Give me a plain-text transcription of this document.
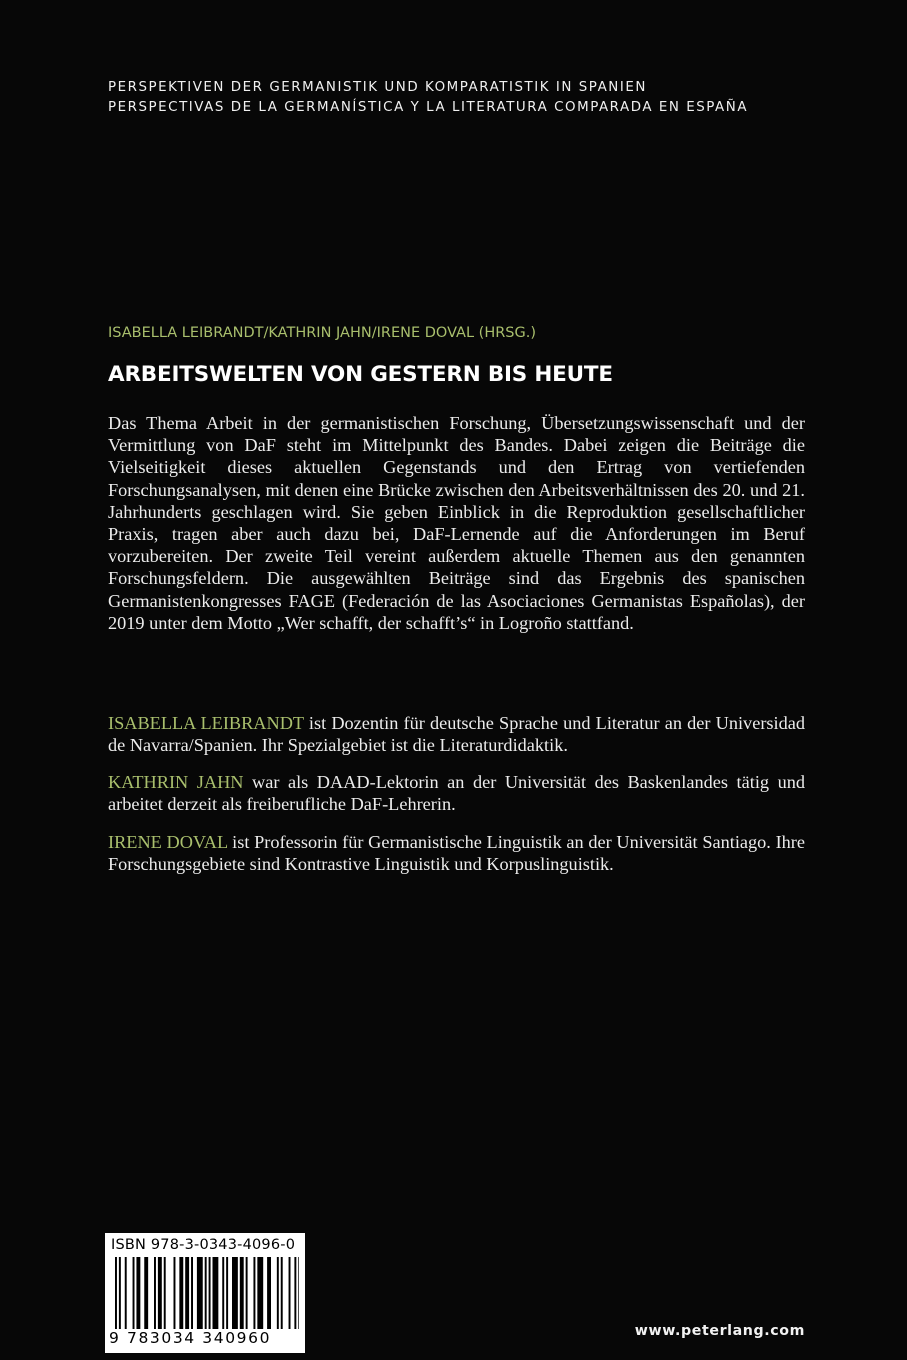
PERSPEKTIVEN DER GERMANISTIK UND KOMPARATISTIK IN SPANIEN
PERSPECTIVAS DE LA GERMANÍSTICA Y LA LITERATURA COMPARADA EN ESPAÑA
ISABELLA LEIBRANDT/KATHRIN JAHN/IRENE DOVAL (HRSG.)
ARBEITSWELTEN VON GESTERN BIS HEUTE

Das Thema Arbeit in der germanistischen Forschung, Übersetzungswissenschaft und der Vermittlung von DaF steht im Mittelpunkt des Bandes. Dabei zeigen die Beiträge die Vielseitigkeit dieses aktuellen Gegenstands und den Ertrag von vertiefenden Forschungsanalysen, mit denen eine Brücke zwischen den Arbeitsverhältnissen des 20. und 21. Jahrhunderts geschlagen wird. Sie geben Einblick in die Reproduktion gesellschaftlicher Praxis, tragen aber auch dazu bei, DaF-Lernende auf die Anforderungen im Beruf vorzubereiten. Der zweite Teil vereint außerdem aktuelle Themen aus den genannten Forschungsfeldern. Die ausgewählten Beiträge sind das Ergebnis des spanischen Germanistenkongresses FAGE (Federación de las Asociaciones Germanistas Españolas), der 2019 unter dem Motto „Wer schafft, der schafft’s“ in Logroño stattfand.

ISABELLA LEIBRANDT ist Dozentin für deutsche Sprache und Literatur an der Universidad de Navarra/Spanien. Ihr Spezialgebiet ist die Literaturdidaktik.

KATHRIN JAHN war als DAAD-Lektorin an der Universität des Baskenlandes tätig und arbeitet derzeit als freiberufliche DaF-Lehrerin.

IRENE DOVAL ist Professorin für Germanistische Linguistik an der Universität Santiago. Ihre Forschungsgebiete sind Kontrastive Linguistik und Korpuslinguistik.

ISBN 978-3-0343-4096-0
9 783034 340960	www.peterlang.com
